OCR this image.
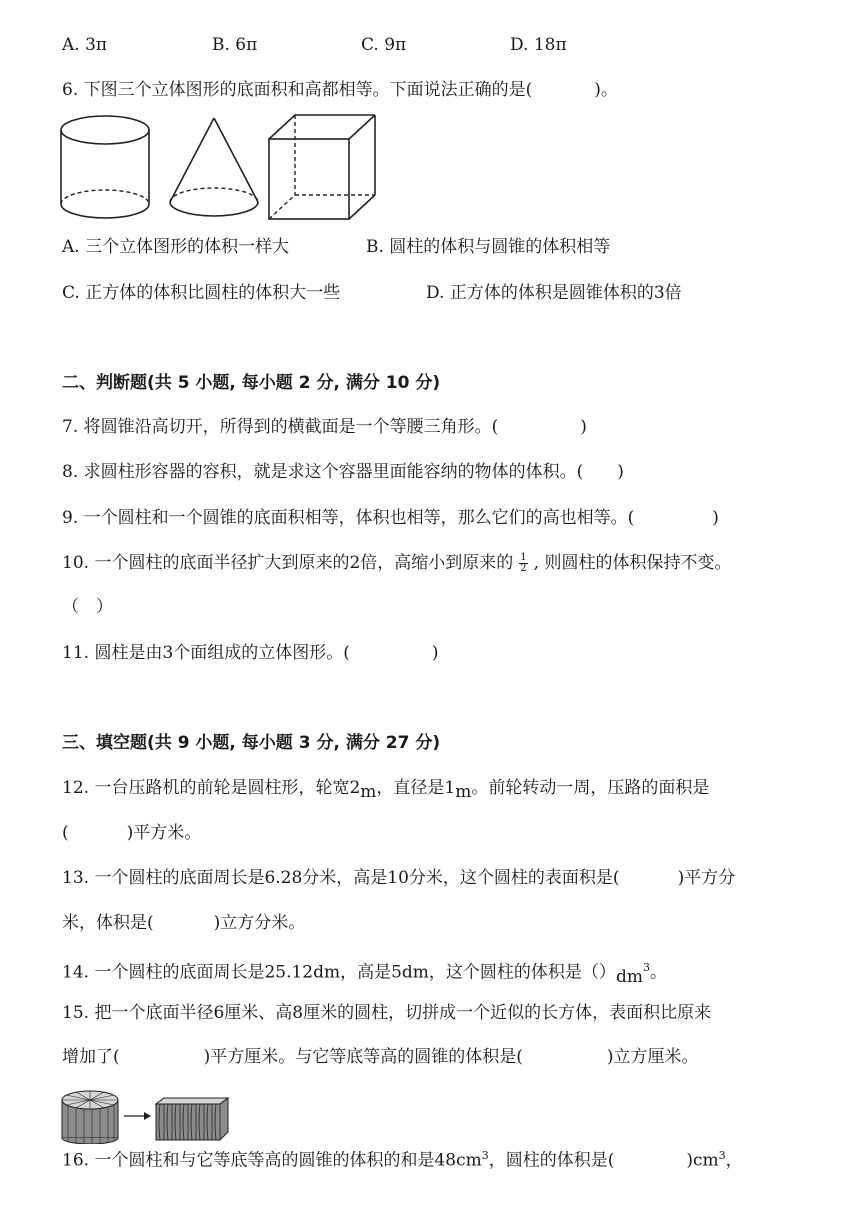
A. 3π	B. 6π	C. 9π	D. 18π
6. 下图三个立体图形的底面积和高都相等。下面说法正确的是(	)。
A. 三个立体图形的体积一样大	B. 圆柱的体积与圆锥的体积相等
C. 正方体的体积比圆柱的体积大一些	D. 正方体的体积是圆锥体积的3倍
二、判断题(共 5 小题, 每小题 2 分, 满分 10 分)
7. 将圆锥沿高切开，所得到的横截面是一个等腰三角形。(	)
8. 求圆柱形容器的容积，就是求这个容器里面能容纳的物体的体积。( )
9. 一个圆柱和一个圆锥的底面积相等，体积也相等，那么它们的高也相等。(	)
10. 一个圆柱的底面半径扩大到原来的2倍，高缩小到原来的 $\frac{1}{2}$ , 则圆柱的体积保持不变。
（　）
11. 圆柱是由3个面组成的立体图形。(	)
三、填空题(共 9 小题, 每小题 3 分, 满分 27 分)
12. 一台压路机的前轮是圆柱形，轮宽2m，直径是1m。前轮转动一周，压路的面积是
(	)平方米。
13. 一个圆柱的底面周长是6.28分米，高是10分米，这个圆柱的表面积是(	)平方分
米，体积是(	)立方分米。
14. 一个圆柱的底面周长是25.12dm，高是5dm，这个圆柱的体积是$()dm^3$。
15. 把一个底面半径6厘米、高8厘米的圆柱，切拼成一个近似的长方体，表面积比原来
增加了(	)平方厘米。与它等底等高的圆锥的体积是(	)立方厘米。
16. 一个圆柱和与它等底等高的圆锥的体积的和是$48cm^3$，圆柱的体积是(	)$cm^3$，
